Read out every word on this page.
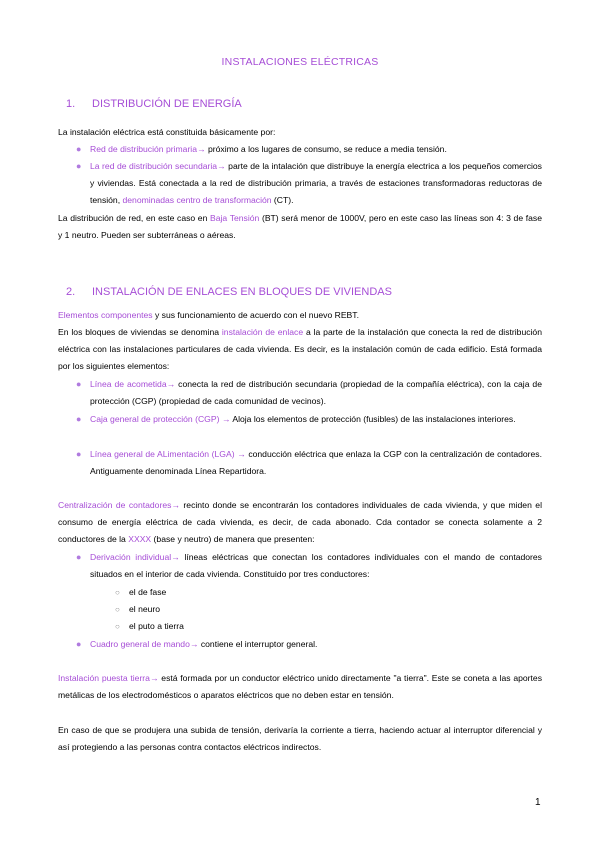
INSTALACIONES ELÉCTRICAS
1. DISTRIBUCIÓN DE ENERGÍA
La instalación eléctrica está constituida básicamente por:
● Red de distribución primaria→ próximo a los lugares de consumo, se reduce a media tensión.
● La red de distribución secundaria→ parte de la intalación que distribuye la energía electrica a los pequeños comercios y viviendas. Está conectada a la red de distribución primaria, a través de estaciones transformadoras reductoras de tensión, denominadas centro de transformación (CT).
La distribución de red, en este caso en Baja Tensión (BT) será menor de 1000V, pero en este caso las líneas son 4: 3 de fase y 1 neutro. Pueden ser subterráneas o aéreas.
2. INSTALACIÓN DE ENLACES EN BLOQUES DE VIVIENDAS
Elementos componentes y sus funcionamiento de acuerdo con el nuevo REBT.
En los bloques de viviendas se denomina instalación de enlace a la parte de la instalación que conecta la red de distribución eléctrica con las instalaciones particulares de cada vivienda. Es decir, es la instalación común de cada edificio. Está formada por los siguientes elementos:
● Línea de acometida→ conecta la red de distribución secundaria (propiedad de la compañía eléctrica), con la caja de protección (CGP) (propiedad de cada comunidad de vecinos).
● Caja general de protección (CGP) → Aloja los elementos de protección (fusibles) de las instalaciones interiores.
● Línea general de ALimentación (LGA) → conducción eléctrica que enlaza la CGP con la centralización de contadores. Antiguamente denominada Línea Repartidora.
Centralización de contadores→ recinto donde se encontrarán los contadores individuales de cada vivienda, y que miden el consumo de energía eléctrica de cada vivienda, es decir, de cada abonado. Cda contador se conecta solamente a 2 conductores de la XXXX (base y neutro) de manera que presenten:
● Derivación individual→ líneas eléctricas que conectan los contadores individuales con el mando de contadores situados en el interior de cada vivienda. Constituido por tres conductores:
○ el de fase
○ el neuro
○ el puto a tierra
● Cuadro general de mando→ contiene el interruptor general.
Instalación puesta tierra→ está formada por un conductor eléctrico unido directamente "a tierra". Este se coneta a las aportes metálicas de los electrodomésticos o aparatos eléctricos que no deben estar en tensión.
En caso de que se produjera una subida de tensión, derivaría la corriente a tierra, haciendo actuar al interruptor diferencial y así protegiendo a las personas contra contactos eléctricos indirectos.
1
